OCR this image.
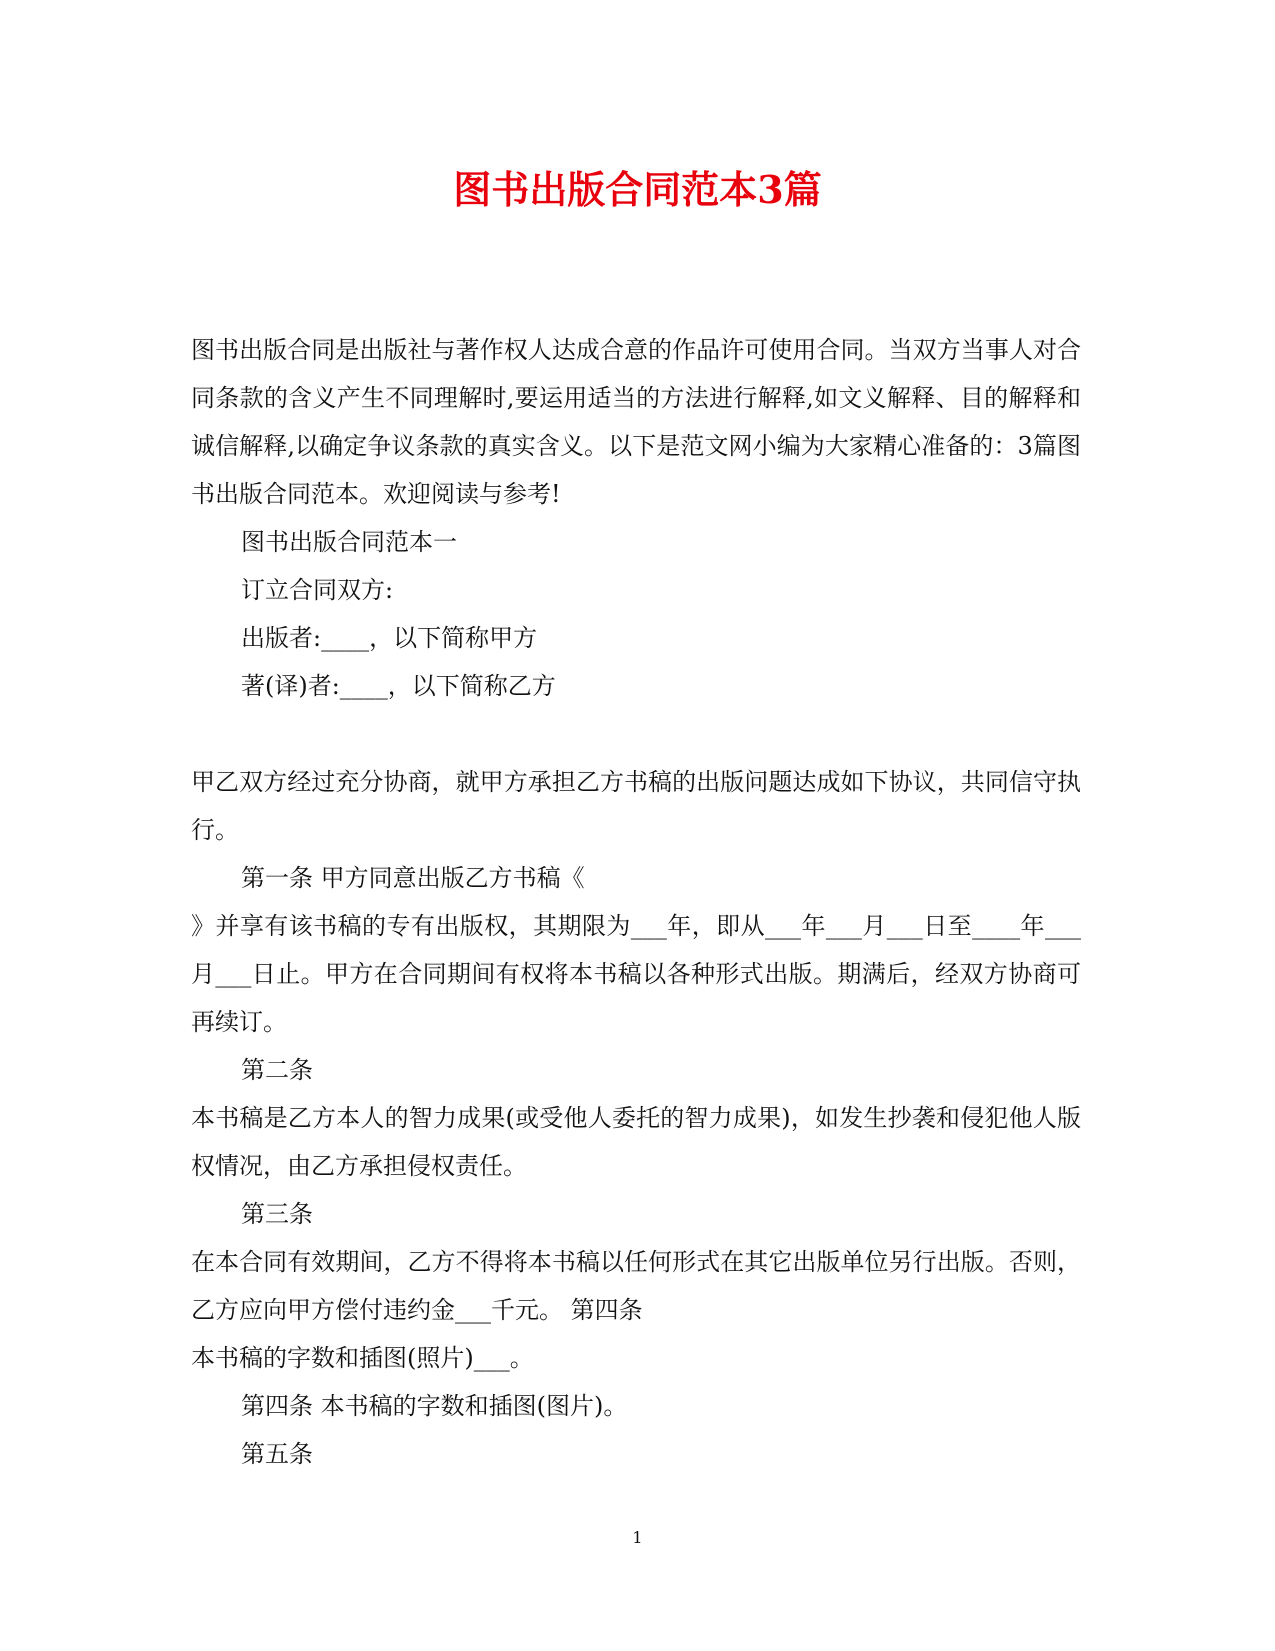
图书出版合同范本3篇

图书出版合同是出版社与著作权人达成合意的作品许可使用合同。当双方当事人对合同条款的含义产生不同理解时,要运用适当的方法进行解释,如文义解释、目的解释和诚信解释,以确定争议条款的真实含义。以下是范文网小编为大家精心准备的：3篇图书出版合同范本。欢迎阅读与参考!

图书出版合同范本一

订立合同双方:

出版者:____，以下简称甲方

著(译)者:____，以下简称乙方

甲乙双方经过充分协商，就甲方承担乙方书稿的出版问题达成如下协议，共同信守执行。

第一条 甲方同意出版乙方书稿《

》并享有该书稿的专有出版权，其期限为___年，即从___年___月___日至____年___月___日止。甲方在合同期间有权将本书稿以各种形式出版。期满后，经双方协商可再续订。

第二条

本书稿是乙方本人的智力成果(或受他人委托的智力成果)，如发生抄袭和侵犯他人版权情况，由乙方承担侵权责任。

第三条

在本合同有效期间，乙方不得将本书稿以任何形式在其它出版单位另行出版。否则，乙方应向甲方偿付违约金___千元。 第四条

本书稿的字数和插图(照片)___。

第四条 本书稿的字数和插图(图片)。

第五条

1
